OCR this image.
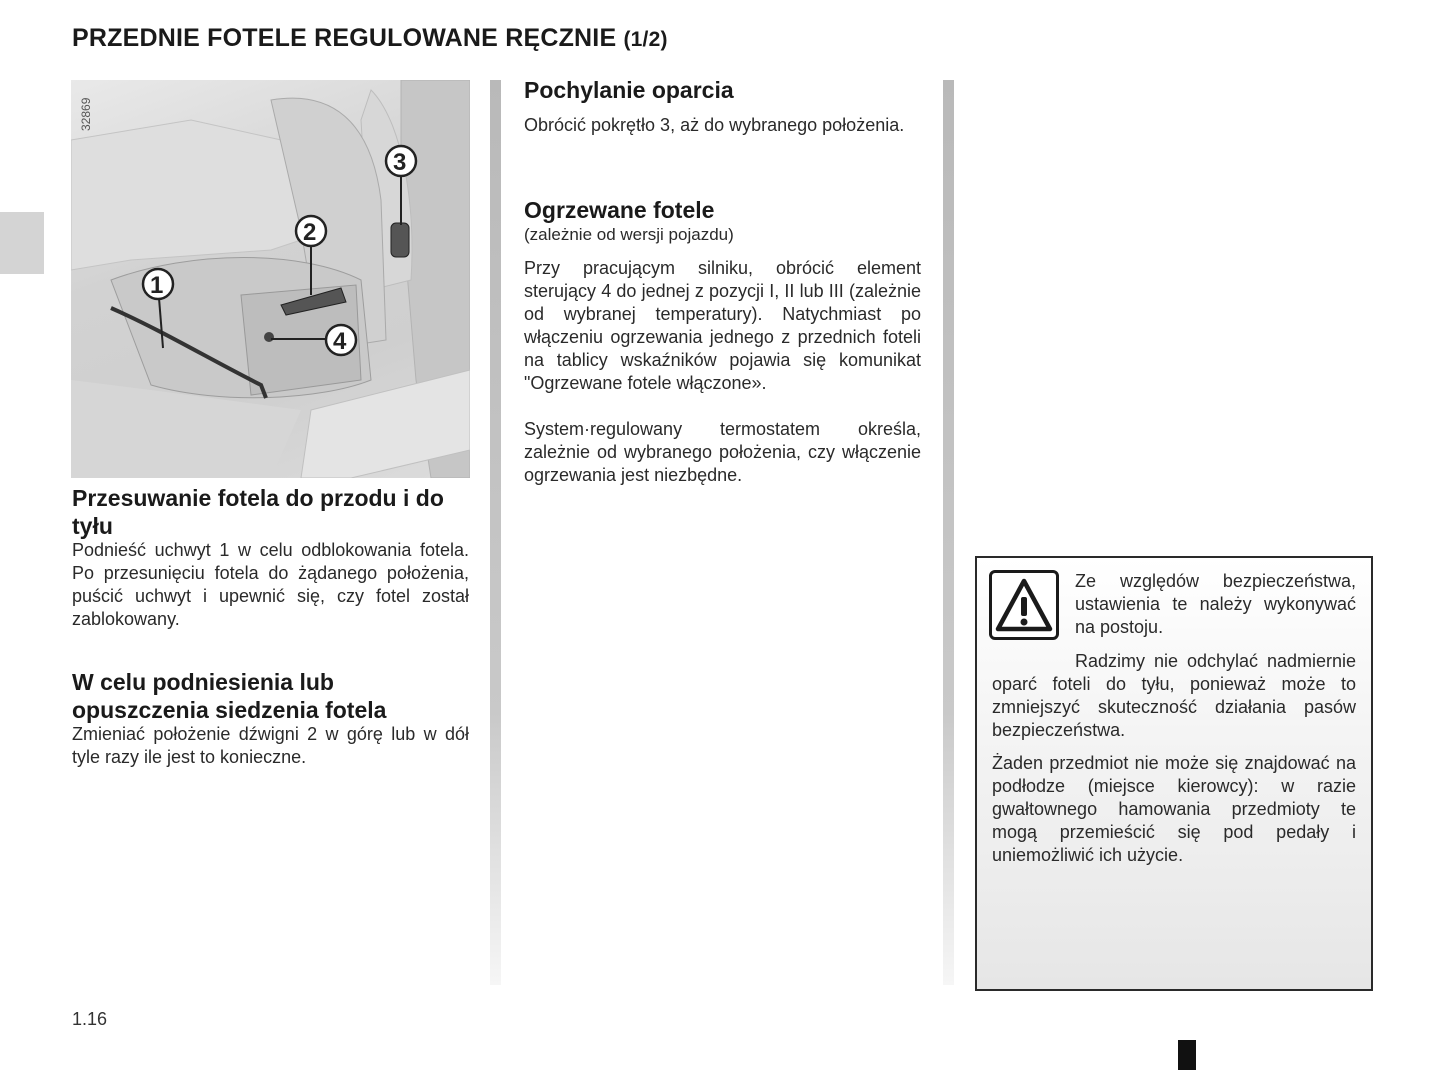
PRZEDNIE FOTELE REGULOWANE RĘCZNIE (1/2)
1
2
3
4
32869
Przesuwanie fotela do przodu i do tyłu
Podnieść uchwyt 1 w celu odblokowania fotela. Po przesunięciu fotela do żądanego położenia, puścić uchwyt i upewnić się, czy fotel został zablokowany.
W celu podniesienia lub opuszczenia siedzenia fotela
Zmieniać położenie dźwigni 2 w górę lub w dół tyle razy ile jest to konieczne.
Pochylanie oparcia
Obrócić pokrętło 3, aż do wybranego położenia.
Ogrzewane fotele
(zależnie od wersji pojazdu)
Przy pracującym silniku, obrócić element sterujący 4 do jednej z pozycji I, II lub III (zależnie od wybranej temperatury). Natychmiast po włączeniu ogrzewania jednego z przednich foteli na tablicy wskaźników pojawia się komunikat "Ogrzewane fotele włączone».
System·regulowany termostatem określa, zależnie od wybranego położenia, czy włączenie ogrzewania jest niezbędne.
Ze względów bezpieczeństwa, ustawienia te należy wykonywać na postoju.
Radzimy nie odchylać nadmiernie oparć foteli do tyłu, ponieważ może to zmniejszyć skuteczność działania pasów bezpieczeństwa.
Żaden przedmiot nie może się znajdować na podłodze (miejsce kierowcy): w razie gwałtownego hamowania przedmioty te mogą przemieścić się pod pedały i uniemożliwić ich użycie.
1.16
